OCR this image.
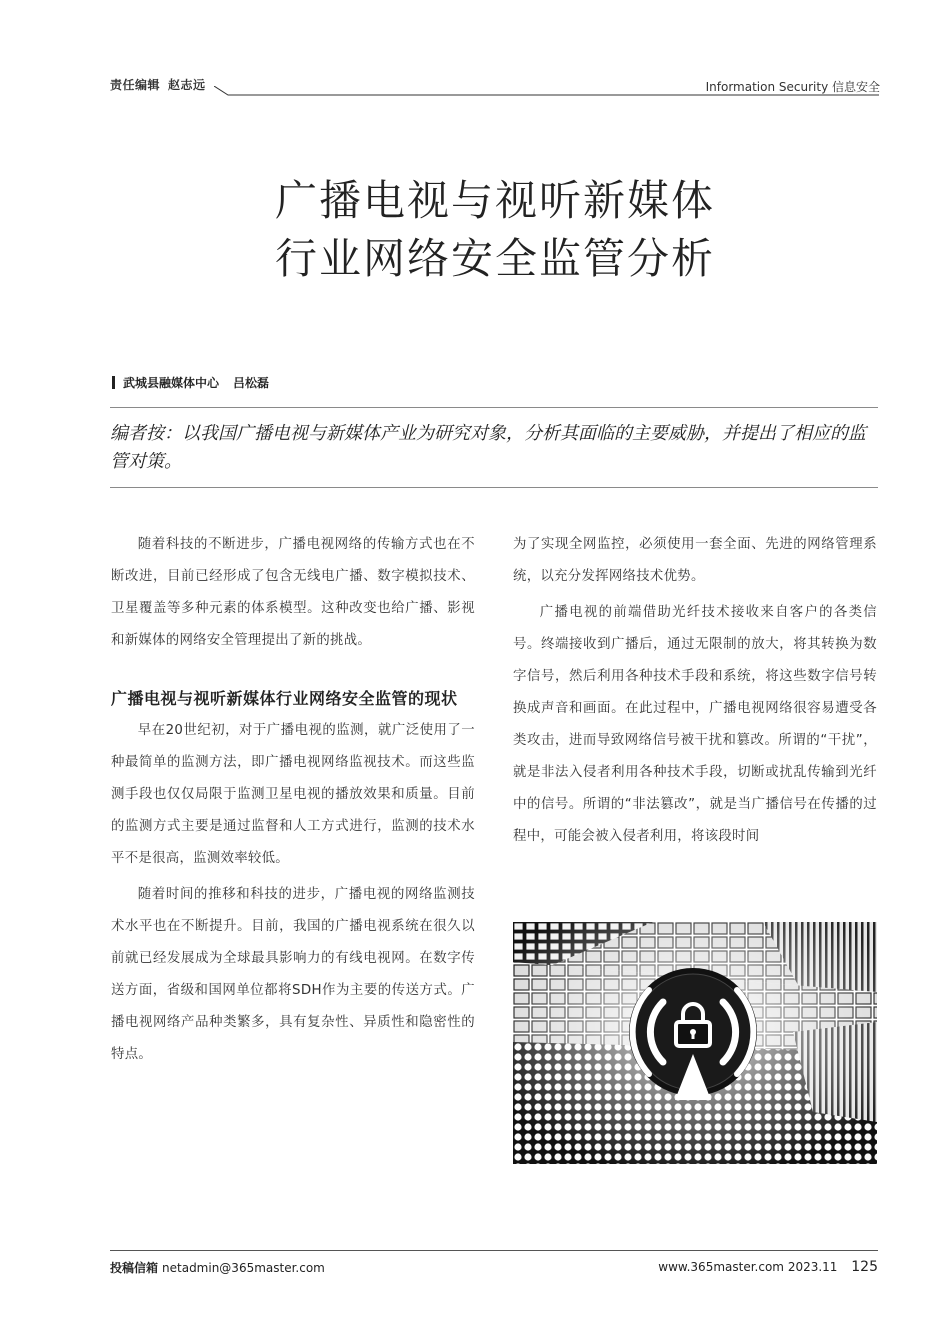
责任编辑 赵志远	Information Security 信息安全
广播电视与视听新媒体
行业网络安全监管分析
武城县融媒体中心 吕松磊
编者按：以我国广播电视与新媒体产业为研究对象，分析其面临的主要威胁，并提出了相应的监管对策。

随着科技的不断进步，广播电视网络的传输方式也在不断改进，目前已经形成了包含无线电广播、数字模拟技术、卫星覆盖等多种元素的体系模型。这种改变也给广播、影视和新媒体的网络安全管理提出了新的挑战。

广播电视与视听新媒体行业网络安全监管的现状

早在20世纪初，对于广播电视的监测，就广泛使用了一种最简单的监测方法，即广播电视网络监视技术。而这些监测手段也仅仅局限于监测卫星电视的播放效果和质量。目前的监测方式主要是通过监督和人工方式进行，监测的技术水平不是很高，监测效率较低。

随着时间的推移和科技的进步，广播电视的网络监测技术水平也在不断提升。目前，我国的广播电视系统在很久以前就已经发展成为全球最具影响力的有线电视网。在数字传送方面，省级和国网单位都将SDH作为主要的传送方式。广播电视网络产品种类繁多，具有复杂性、异质性和隐密性的特点。

为了实现全网监控，必须使用一套全面、先进的网络管理系统，以充分发挥网络技术优势。

广播电视的前端借助光纤技术接收来自客户的各类信号。终端接收到广播后，通过无限制的放大，将其转换为数字信号，然后利用各种技术手段和系统，将这些数字信号转换成声音和画面。在此过程中，广播电视网络很容易遭受各类攻击，进而导致网络信号被干扰和篡改。所谓的“干扰”，就是非法入侵者利用各种技术手段，切断或扰乱传输到光纤中的信号。所谓的“非法篡改”，就是当广播信号在传播的过程中，可能会被入侵者利用，将该段时间

投稿信箱 netadmin@365master.com	www.365master.com 2023.11 125
